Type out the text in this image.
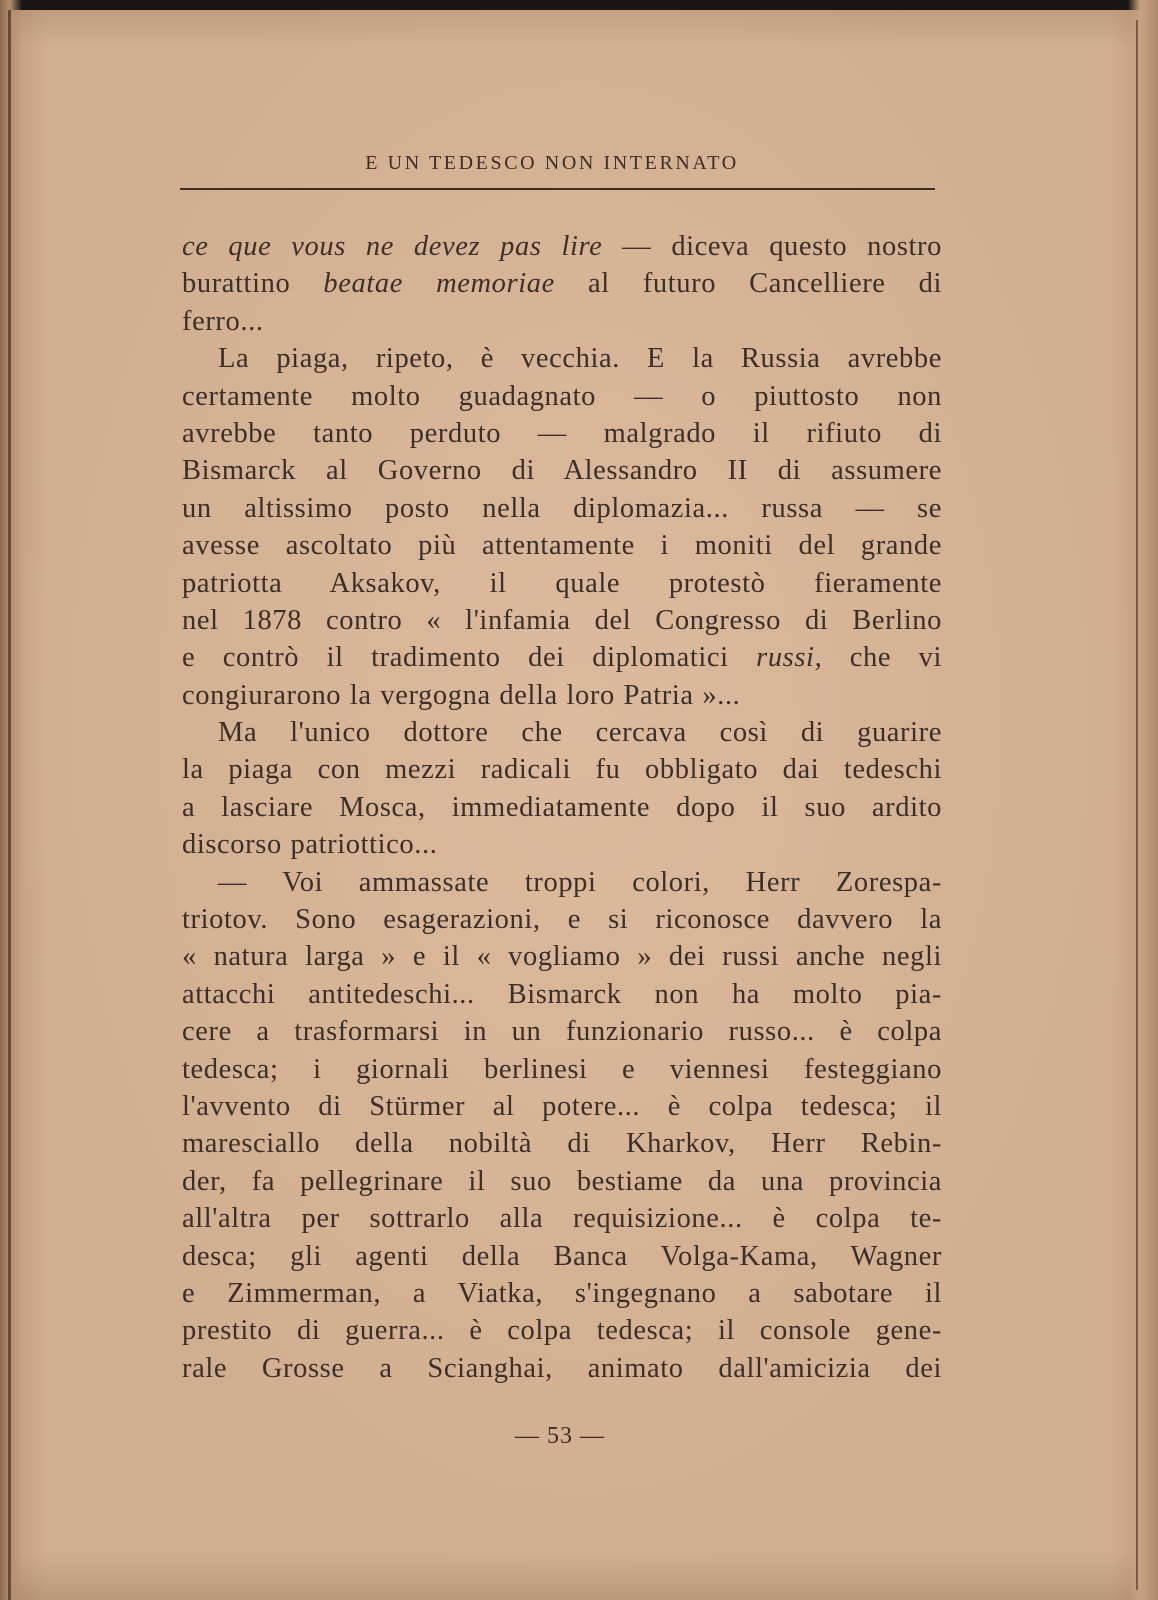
E UN TEDESCO NON INTERNATO
ce que vous ne devez pas lire — diceva questo nostro
burattino beatae memoriae al futuro Cancelliere di
ferro...
La piaga, ripeto, è vecchia. E la Russia avrebbe
certamente molto guadagnato — o piuttosto non
avrebbe tanto perduto — malgrado il rifiuto di
Bismarck al Governo di Alessandro II di assumere
un altissimo posto nella diplomazia... russa — se
avesse ascoltato più attentamente i moniti del grande
patriotta Aksakov, il quale protestò fieramente
nel 1878 contro « l'infamia del Congresso di Berlino
e contrò il tradimento dei diplomatici russi, che vi
congiurarono la vergogna della loro Patria »...
Ma l'unico dottore che cercava così di guarire
la piaga con mezzi radicali fu obbligato dai tedeschi
a lasciare Mosca, immediatamente dopo il suo ardito
discorso patriottico...
— Voi ammassate troppi colori, Herr Zorespa-
triotov. Sono esagerazioni, e si riconosce davvero la
« natura larga » e il « vogliamo » dei russi anche negli
attacchi antitedeschi... Bismarck non ha molto pia-
cere a trasformarsi in un funzionario russo... è colpa
tedesca; i giornali berlinesi e viennesi festeggiano
l'avvento di Stürmer al potere... è colpa tedesca; il
maresciallo della nobiltà di Kharkov, Herr Rebin-
der, fa pellegrinare il suo bestiame da una provincia
all'altra per sottrarlo alla requisizione... è colpa te-
desca; gli agenti della Banca Volga-Kama, Wagner
e Zimmerman, a Viatka, s'ingegnano a sabotare il
prestito di guerra... è colpa tedesca; il console gene-
rale Grosse a Scianghai, animato dall'amicizia dei
— 53 —
